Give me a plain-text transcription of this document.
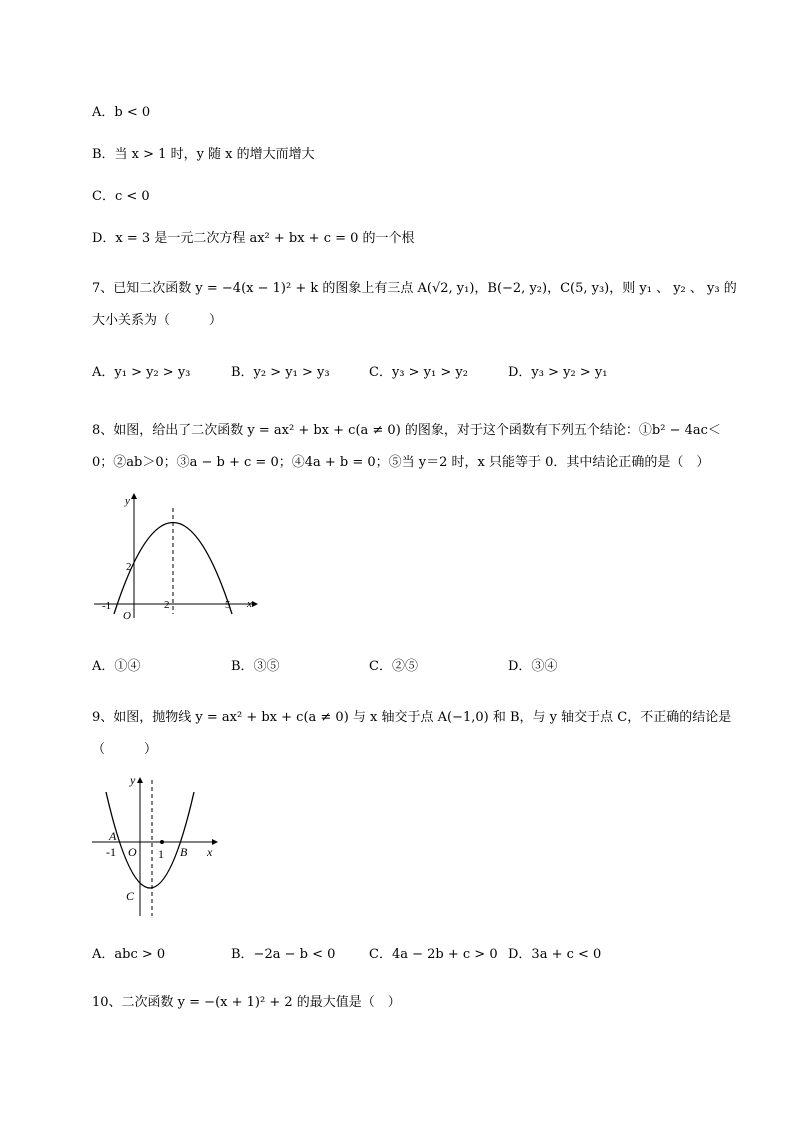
A．b < 0
B．当 x > 1 时，y 随 x 的增大而增大
C．c < 0
D．x = 3 是一元二次方程 ax² + bx + c = 0 的一个根
7、已知二次函数 y = −4(x − 1)² + k 的图象上有三点 A(√2, y₁)，B(−2, y₂)，C(5, y₃)，则 y₁ 、 y₂ 、 y₃ 的
大小关系为（　　　）
A．y₁ > y₂ > y₃	B．y₂ > y₁ > y₃	C．y₃ > y₁ > y₂	D．y₃ > y₂ > y₁
8、如图，给出了二次函数 y = ax² + bx + c(a ≠ 0) 的图象，对于这个函数有下列五个结论：①b² − 4ac＜
0；②ab＞0；③a − b + c = 0；④4a + b = 0；⑤当 y＝2 时，x 只能等于 0．其中结论正确的是（　）
y
x
O
-1	2	5
2
A．①④	B．③⑤	C．②⑤	D．③④
9、如图，抛物线 y = ax² + bx + c(a ≠ 0) 与 x 轴交于点 A(−1,0) 和 B，与 y 轴交于点 C，不正确的结论是
（　　　）
y
x
O
-1	1
A
B
C
A．abc > 0	B．−2a − b < 0	C．4a − 2b + c > 0 D．3a + c < 0
10、二次函数 y = −(x + 1)² + 2 的最大值是（　）
